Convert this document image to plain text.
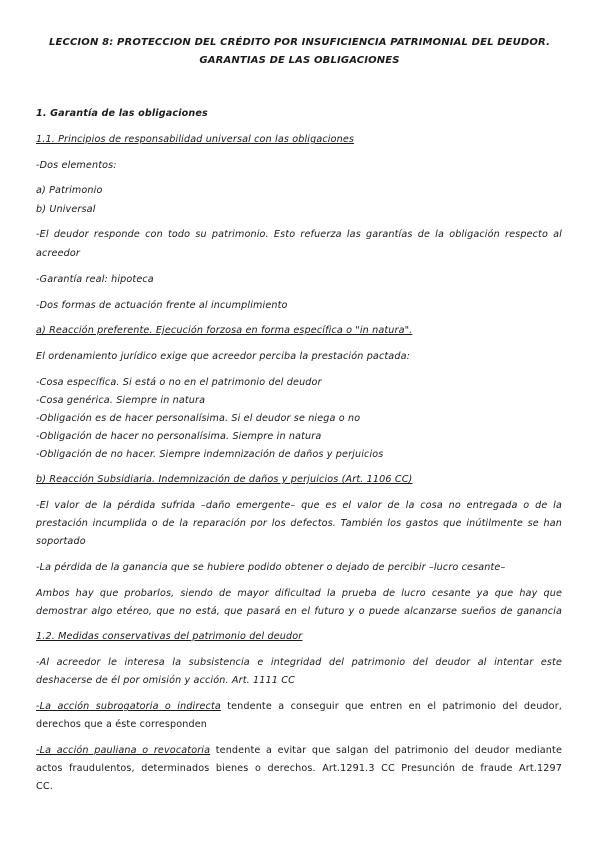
LECCION 8: PROTECCION DEL CRÉDITO POR INSUFICIENCIA PATRIMONIAL DEL DEUDOR.
GARANTIAS DE LAS OBLIGACIONES
1. Garantía de las obligaciones
1.1. Principios de responsabilidad universal con las obligaciones
-Dos elementos:
a) Patrimonio
b) Universal
-El deudor responde con todo su patrimonio. Esto refuerza las garantías de la obligación respecto al
acreedor
-Garantía real: hipoteca
-Dos formas de actuación frente al incumplimiento
a) Reacción preferente. Ejecución forzosa en forma específica o "in natura".
El ordenamiento jurídico exige que acreedor perciba la prestación pactada:
-Cosa específica. Si está o no en el patrimonio del deudor
-Cosa genérica. Siempre in natura
-Obligación es de hacer personalísima. Si el deudor se niega o no
-Obligación de hacer no personalísima. Siempre in natura
-Obligación de no hacer. Siempre indemnización de daños y perjuicios
b) Reacción Subsidiaria. Indemnización de daños y perjuicios (Art. 1106 CC)
-El valor de la pérdida sufrida –daño emergente– que es el valor de la cosa no entregada o de la
prestación incumplida o de la reparación por los defectos. También los gastos que inútilmente se han
soportado
-La pérdida de la ganancia que se hubiere podido obtener o dejado de percibir –lucro cesante–
Ambos hay que probarlos, siendo de mayor dificultad la prueba de lucro cesante ya que hay que
demostrar algo etéreo, que no está, que pasará en el futuro y o puede alcanzarse sueños de ganancia
1.2. Medidas conservativas del patrimonio del deudor
-Al acreedor le interesa la subsistencia e integridad del patrimonio del deudor al intentar este
deshacerse de él por omisión y acción. Art. 1111 CC
-La acción subrogatoria o indirecta tendente a conseguir que entren en el patrimonio del deudor,
derechos que a éste corresponden
-La acción pauliana o revocatoria tendente a evitar que salgan del patrimonio del deudor mediante
actos fraudulentos, determinados bienes o derechos. Art.1291.3 CC Presunción de fraude Art.1297
CC.
